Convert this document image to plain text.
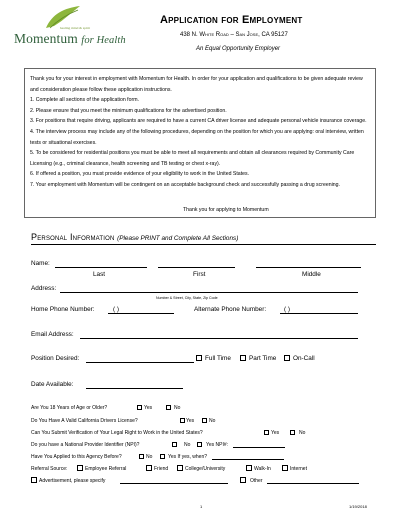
healing mind & spirit
Momentum for Health
Application for Employment
438 N. White Road – San Jose, CA 95127
An Equal Opportunity Employer

Thank you for your interest in employment with Momentum for Health. In order for your application and qualifications to be given adequate review and consideration please follow these application instructions.

1. Complete all sections of the application form.

2. Please ensure that you meet the minimum qualifications for the advertised position.

3. For positions that require driving, applicants are required to have a current CA driver license and adequate personal vehicle insurance coverage.

4. The interview process may include any of the following procedures, depending on the position for which you are applying: oral interview, written tests or situational exercises.

5. To be considered for residential positions you must be able to meet all requirements and obtain all clearances required by Community Care Licensing (e.g., criminal clearance, health screening and TB testing or chest x-ray).

6. If offered a position, you must provide evidence of your eligibility to work in the United States.

7. Your employment with Momentum will be contingent on an acceptable background check and successfully passing a drug screening.

Thank you for applying to Momentum
Personal Information (Please PRINT and Complete All Sections)
Name:
Last	First	Middle
Address:
Number & Street, City, State, Zip Code
Home Phone Number:	( )	Alternate Phone Number:	( )
Email Address:
Position Desired:	Full Time	Part Time	On-Call
Date Available:
Are You 18 Years of Age or Older?	Yes	No
Do You Have A Valid California Drivers License?	Yes	No
Can You Submit Verification of Your Legal Right to Work in the United States?	Yes	No
Do you have a National Provider Identifier (NPI)?	No	Yes NPI#:
Have You Applied to this Agency Before?	No	Yes If yes, when?
Referral Source:	Employee Referral	Friend	College/University	Walk-In	Internet
Advertisement, please specify	Other
1	1/19/2018
